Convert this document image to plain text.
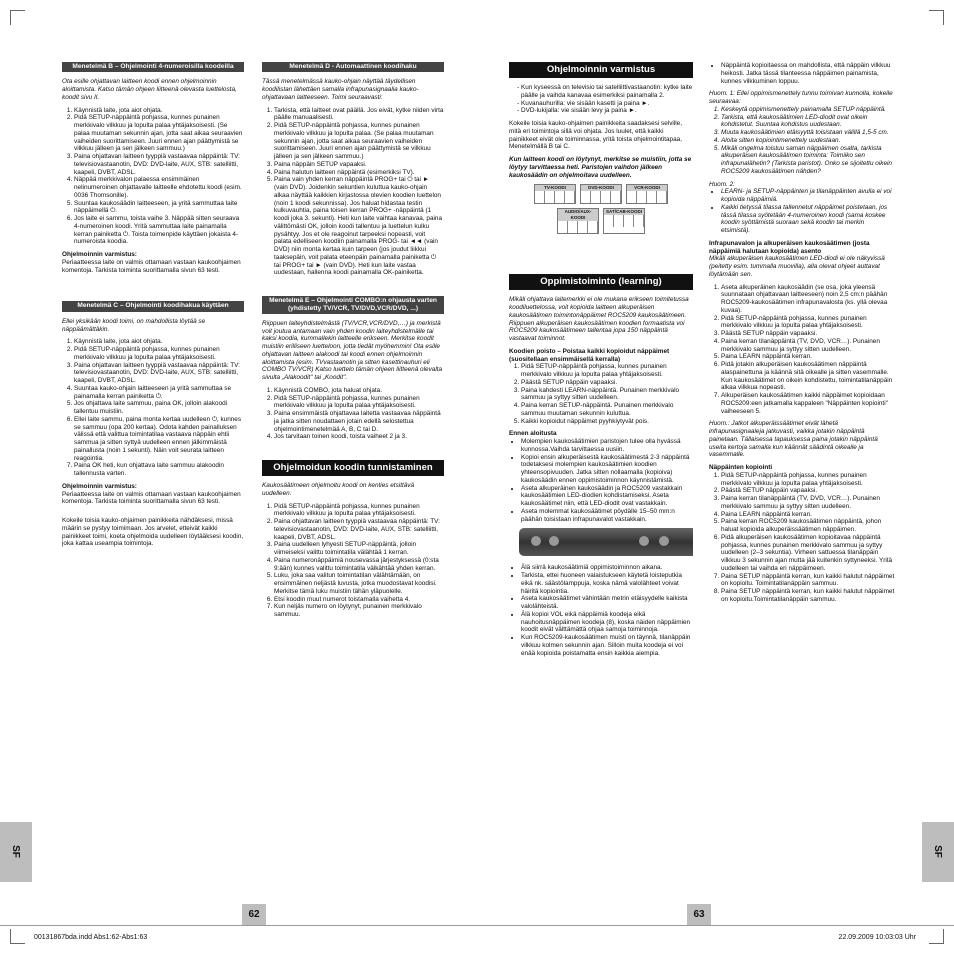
Menetelmä B – Ohjelmointi 4-numeroisilla koodeilla

Ota esille ohjattavan laitteen koodi ennen ohjelmoinnin aloittamista. Katso tämän ohjeen liitteenä olevasta luettelosta, koodit sivu II.

1. Käynnistä laite, jota aiot ohjata.
2. Pidä SETUP-näppäintä pohjassa, kunnes punainen merkkivalo vilkkuu ja lopulta palaa yhtäjaksoisesti. (Se palaa muutaman sekunnin ajan, jotta saat aikaa seuraavien vaiheiden suorittamiseen. Juuri ennen ajan päättymistä se vilkkuu jälleen ja sen jälkeen sammuu.)
3. Paina ohjattavan laitteen tyyppiä vastaavaa näppäintä: TV: televisiovastaanotin, DVD: DVD-laite, AUX, STB: satelliitti, kaapeli, DVBT, ADSL.
4. Näppää merkkivalon palaessa ensimmäinen nelinumeroinen ohjattavalle laitteelle ehdotettu koodi (esim. 0036 Thomsonille).
5. Suuntaa kaukosäädin laitteeseen, ja yritä sammuttaa laite näppäimellä ⏻.
6. Jos laite ei sammu, toista vaihe 3. Näppää sitten seuraava 4-numeroinen koodi. Yritä sammuttaa laite painamalla kerran painiketta ⏻. Toista toimenpide käyttäen jokaista 4-numeroista koodia.

Ohjelmoinnin varmistus:

Periaatteessa laite on valmis ottamaan vastaan kaukoohjaimen komentoja. Tarkista toiminta suorittamalla sivun 63 testi.

Menetelmä C – Ohjelmointi koodihakua käyttäen

Ellei yksikään koodi toimi, on mahdollista löytää se näppäämättäkin.

1. Käynnistä laite, jota aiot ohjata.
2. Pidä SETUP-näppäintä pohjassa, kunnes punainen merkkivalo vilkkuu ja lopulta palaa yhtäjaksoisesti.
3. Paina ohjattavan laitteen tyyppiä vastaavaa näppäintä: TV: televisiovastaanotin, DVD: DVD-laite, AUX, STB: satelliitti, kaapeli, DVBT, ADSL.
4. Suuntaa kauko-ohjain laitteeseen ja yritä sammuttaa se painamalla kerran painiketta ⏻.
5. Jos ohjattava laite sammuu, paina OK, jolloin alakoodi tallentuu muistiin.
6. Ellei laite sammu, paina monta kertaa uudelleen ⏻, kunnes se sammuu (opa 200 kertaa). Odota kahden painalluksen välissä että valittua toimintatilaa vastaava näppäin ehtii sammua ja sitten syttyä uudelleen ennen jälkimmäistä painallusta (noin 1 sekunti). Näin voit seurata laitteen reagointia.
7. Paina OK heti, kun ohjattava laite sammuu alakoodin tallennusta varten.

Ohjelmoinnin varmistus:

Periaatteessa laite on valmis ottamaan vastaan kaukoohjaimen komentoja. Tarkista toiminta suorittamalla sivun 63 testi.

Kokeile toisia kauko-ohjaimen painikkeita nähdäksesi, missä määrin se pystyy toimimaan. Jos arvelet, etteivät kaikki painikkeet toimi, koeta ohjelmoida uudelleen löytääksesi koodin, joka kattaa useampia toimintoja.

Menetelmä D - Automaattinen koodihaku

Tässä menetelmässä kauko-ohjain näyttää täydellisen koodilistan lähettäen samalla infrapunasignaalia kauko-ohjattavaan laitteeseen. Toimi seuraavasti:

1. Tarkista, että laitteet ovat päällä. Jos eivät, kytke niiden virta päälle manuaalisesti.
2. Pidä SETUP-näppäintä pohjassa, kunnes punainen merkkivalo vilkkuu ja lopulta palaa. (Se palaa muutaman sekunnin ajan, jotta saat aikaa seuraavien vaiheiden suorittamiseen. Juuri ennen ajan päättymistä se vilkkuu jälleen ja sen jälkeen sammuu.)
3. Paina näppäin SETUP vapaaksi.
4. Paina halutun laitteen näppäintä (esimerkiksi TV).
5. Paina vain yhden kerran näppäintä PROG+ tai ⏻ tai ► (vain DVD). Joidenkin sekuntien kuluttua kauko-ohjain alkaa näyttää kaikkien kirjastossa olevien koodien luettelon (noin 1 koodi sekunnissa). Jos haluat hidastaa testin kulkuvauhtia, paina toisen kerran PROG+ -näppäintä (1 koodi joka 3. sekunti). Heti kun laite vaihtaa kanavaa, paina välittömästi OK, jolloin koodi tallentuu ja luettelun kulku pysähtyy. Jos et ole reagoinut tarpeeksi nopeasti, voit palata edelliseen koodiin painamalla PROG- tai ◄◄ (vain DVD) niin monta kertaa kuin tarpeen (jos joudut liikkui taaksepäin, voit palata eteenpäin painamalla painiketta ⏻ tai PROG+ tai ► (vain DVD). Heti kun laite vastaa uudestaan, hallenna koodi painamalla OK-painiketta.
Menetelmä E – Ohjelmointi COMBO:n ohjausta varten (yhdistetty TV/VCR, TV/DVD,VCR/DVD, ...)

Riippuen laiteyhdistelmästä (TV/VCR,VCR/DVD,…) ja merkistä voit joutua antamaan vain yhden koodin laiteyhdistelmälle tai kaksi koodia, kummallekin laitteelle erikseen. Merkitse koodit muistiin erilliseen luetteloon, jotta tiedät myöhemmin! Ota esille ohjattavan laitteen alakoodi tai koodi ennen ohjelmoinnin aloittamista (esim. TVvastaanotin ja sitten kasettinauhuri eli COMBO TV/VCR) Katso luettelo tämän ohjeen liitteenä olevalta sivulta „Alakoodit" tai „Koodit".

1. Käynnistä COMBO, jota haluat ohjata.
2. Pidä SETUP-näppäintä pohjassa, kunnes punainen merkkivalo vilkkuu ja lopulta palaa yhtäjaksoisesti.
3. Paina ensimmäistä ohjattavaa laitetta vastaavaa näppäintä ja jatka sitten noudattaen jotain edellä selostettua ohjelmointimenetelmää A, B, C tai D.
4. Jos tarvitaan toinen koodi, toista vaiheet 2 ja 3.
Ohjelmoidun koodin tunnistaminen

Kaukosäätimeen ohjelmoitu koodi on kenties etsittävä uudelleen.

1. Pidä SETUP-näppäintä pohjassa, kunnes punainen merkkivalo vilkkuu ja lopulta palaa yhtäjaksoisesti.
2. Paina ohjattavan laitteen tyyppiä vastaavaa näppäintä: TV: televisiovastaanotin, DVD: DVD-laite, AUX, STB: satelliitti, kaapeli, DVBT, ADSL.
3. Paina uudelleen lyhyesti SETUP-näppäintä, jolloin viimeiseksi valittu toimintatila välähtää 1 kerran.
4. Paina numeronäppäimiä nousevassa järjestyksessä (0:sta 9:ään) kunnes valittu toimintatila välkähtää yhden kerran.
5. Luku, joka saa valitun toimintatilan välähtämään, on ensimmäinen neljästä luvusta, jotka muodostavat koodisi. Merkitse tämä luku muistiin tähän yläpuolelle.
6. Etsi koodin muut numerot toistamalla vaihetta 4.
7. Kun neljäs numero on löytynyt, punainen merkkivalo sammuu.
SF
62
00131867bda.indd Abs1:62-Abs1:63
Ohjelmoinnin varmistus
- Kun kyseessä on televisio tai satelliittivastaanotin: kytke laite päälle ja vaihda kanavaa esimerkiksi painamalla 2.
- Kuvanauhurilla: vie sisään kasetti ja paina ►.
- DVD-lukijalla: vie sisään levy ja paina ►.

Kokeile toisia kauko-ohjaimen painikkeita saadaksesi selville, mitä eri toimintoja sillä voi ohjata. Jos luulet, että kaikki painikkeet eivät ole toiminnassa, yritä toista ohjelmointitapaa, Menetelmällä B tai C.

Kun laitteen koodi on löytynyt, merkitse se muistiin, jotta se löytyy tarvittaessa heti. Paristojen vaihdon jälkeen kaukosäädin on ohjelmoitava uudelleen.

TV-KOODI	DVD-KOODI	VCR-KOODI
AUDIO/AUX-KOODI
SAT/CAB-KOODI
Oppimistoiminto (learning)

Mikäli ohjattava laitemerkki ei ole mukana erikseen toimitetussa koodiluettelossa, voit kopioida laitteen alkuperäisen kaukosäätimen toimintonäppäimet ROC5209 kaukosäätimeen. Riippuen alkuperäisen kaukosäätimen koodien formaatista voi ROC5209 kaukosäätimeen tallentaa jopa 150 näppäintä vastaavat toiminnot.

Koodien poisto – Poistaa kaikki kopioidut näppäimet (suositellaan ensimmäisellä kerralla)

1. Pidä SETUP-näppäintä pohjassa, kunnes punainen merkkivalo vilkkuu ja lopulta palaa yhtäjaksoisesti.
2. Päästä SETUP näppäin vapaaksi.
3. Paina kahdesti LEARN-näppäintä. Punainen merkkivalo sammuu ja syttyy sitten uudelleen.
4. Paina kerran SETUP-näppäintä. Punainen merkkivalo sammuu muutaman sekunnin kuluttua.
5. Kaikki kopioidut näppäimet pyyhkiytyvät pois.

Ennen aloitusta

• Molempien kaukosäätimien paristojen tulee olla hyvässä kunnossa.Vaihda tarvittaessa uusiin.
• Kopioi ensin alkuperäisestä kaukosäätimestä 2-3 näppäintä todetaksesi molempien kaukosäätimien koodien yhteensopivuuden. Jatka sitten nollaamalla (kopioiva) kaukosäädin ennen oppimistoiminnon käynnistämistä.
• Aseta alkuperäinen kaukosäädin ja ROC5209 vastakkain kaukosäätimien LED-diodien kohdistamiseksi. Aseta kaukosäätimet niin, että LED-diodit ovat vastakkain.
• Aseta molemmat kaukosäätimet pöydälle 15–50 mm:n päähän toisistaan infrapunavalot vastakkain.
• Älä siirrä kaukosäätimiä oppimistoiminnon aikana.
• Tarkista, ettei huoneen valaistukseen käytetä loisteputkia eikä nk. säästölamppuja, koska nämä valolähteet voivat häiritä kopiointia.
• Aseta kaukosäätimet vähintään metrin etäisyydelle kaikista valolähteistä.
• Älä kopioi VOL eikä näppäimiä koodeja eikä nauhoitusnäppäimen koodeja (8), koska näiden näppäimien koodit eivät välttämättä ohjaa samoja toiminnoja.
• Kun ROC5209-kaukosäätimen muisti on täynnä, tilanäppäin vilkkuu kolmen sekunnin ajan. Silloin muita koodeja ei voi enää kopioida poistamatta ensin kaikkia aiempia.
• Näppäintä kopioitaessa on mahdollista, että näppäin vilkkuu heikosti. Jatka tässä tilanteessa näppäimen painamista, kunnes vilkkuminen loppuu.

Huom. 1: Ellei oppimismenettely tunnu toimivan kunnolla, kokeile seuraavaa:

1. Keskeytä oppimismenettely painamalla SETUP näppäintä.
2. Tarkista, että kaukosäätimien LED-diodit ovat oikein kohdistetut. Suuntaa kohdistus uudestaan.
3. Muuta kaukosäätimien etäisyyttä toisistaan välillä 1,5-5 cm.
4. Aloita sitten kopiointimenettely uudestaan.
5. Mikäli ongelma toistuu saman näppäimen osalta, tarkista alkuperäisen kaukosäätimen toiminta: Toimiiko sen infrapunalähetin? (Tarkista paristot). Onko se sijoitettu oikein ROC5209 kaukosäätimen nähden?

Huom. 2:

• LEARN- ja SETUP-näppäinten ja tilanäppäinten avulla ei voi kopioida näppäimiä.
• Kaikki tietyssä tilassa tallennetut näppäimet poistetaan, jos tässä tilassa syötetään 4-numeroinen koodi (sama koskee koodin syöttämistä suoraan sekä koodin tai merkin etsimistä).

Infrapunavalon ja alkuperäisen kaukosäätimen (josta näppäimiä halutaan kopioida) asento

Mikäli alkuperäisen kaukosäätimen LED-diodi ei ole näkyvissä (peitetty esim. tummalla muovilla), alla olevat ohjeet auttavat löytämään sen.

1. Aseta alkuperäinen kaukosäädin (se osa, joka yleensä suunnataan ohjattavaan laitteeseen) noin 2,5 cm:n päähän ROC5209-kaukosäätimen infrapunavalosta (ks. yllä olevaa kuvaa).
2. Pidä SETUP-näppäintä pohjassa, kunnes punainen merkkivalo vilkkuu ja lopulta palaa yhtäjaksoisesti.
3. Päästä SETUP näppäin vapaaksi.
4. Paina kerran tilanäppäintä (TV, DVD, VCR…). Punainen merkkivalo sammuu ja syttyy sitten uudelleen.
5. Paina LEARN näppäintä kerran.
6. Pidä jotakin alkuperäisen kaukosäätimen näppäintä alaspainettuna ja käännä sitä oikealle ja sitten vasemmalle. Kun kaukosäätimet on oikein kohdistettu, toimintatilanäppäin alkaa vilkkua nopeasti.
7. Alkuperäisen kaukosäätimen kaikki näppäimet kopioidaan ROC5209:een jatkamalla kappaleen "Näppäinten kopiointi" vaiheeseen 5.

Huom.: Jatkot alkuperäissäätimet eivät lähetä infrapunasignaaleja jatkuvasti, vaikka jotakin näppäintä painetaan. Tällaisessa tapauksessa paina jotakin näppäintä useita kertoja samalla kun käännät säädintä oikealle ja vasemmalle.

Näppäinten kopiointi

1. Pidä SETUP-näppäintä pohjassa, kunnes punainen merkkivalo vilkkuu ja lopulta palaa yhtäjaksoisesti.
2. Päästä SETUP näppäin vapaaksi.
3. Paina kerran tilanäppäintä (TV, DVD, VCR…). Punainen merkkivalo sammuu ja syttyy sitten uudelleen.
4. Paina LEARN näppäintä kerran.
5. Paina kerran ROC5209 kaukosäätimen näppäintä, johon haluat kopioida alkuperäissäätimen näppäimen.
6. Pidä alkuperäisen kaukosäätimen kopioitavaa näppäintä pohjassa, kunnes punainen merkkivalo sammuu ja syttyy uudelleen (2–3 sekuntia). Virheen sattuessa tilanäppäin vilkkuu 3 sekunnin ajan mutta jää kuitenkin syttyneeksi. Yritä uudelleen tai vaihda eri näppäimeen.
7. Paina SETUP näppäintä kerran, kun kaikki halutut näppäimet on kopioitu. Toimintatilanäppäin sammuu.
8. Paina SETUP näppäintä kerran, kun kaikki halutut näppäimet on kopioitu.Toimintatilanäppäin sammuu.
SF
63
22.09.2009 10:03:03 Uhr
